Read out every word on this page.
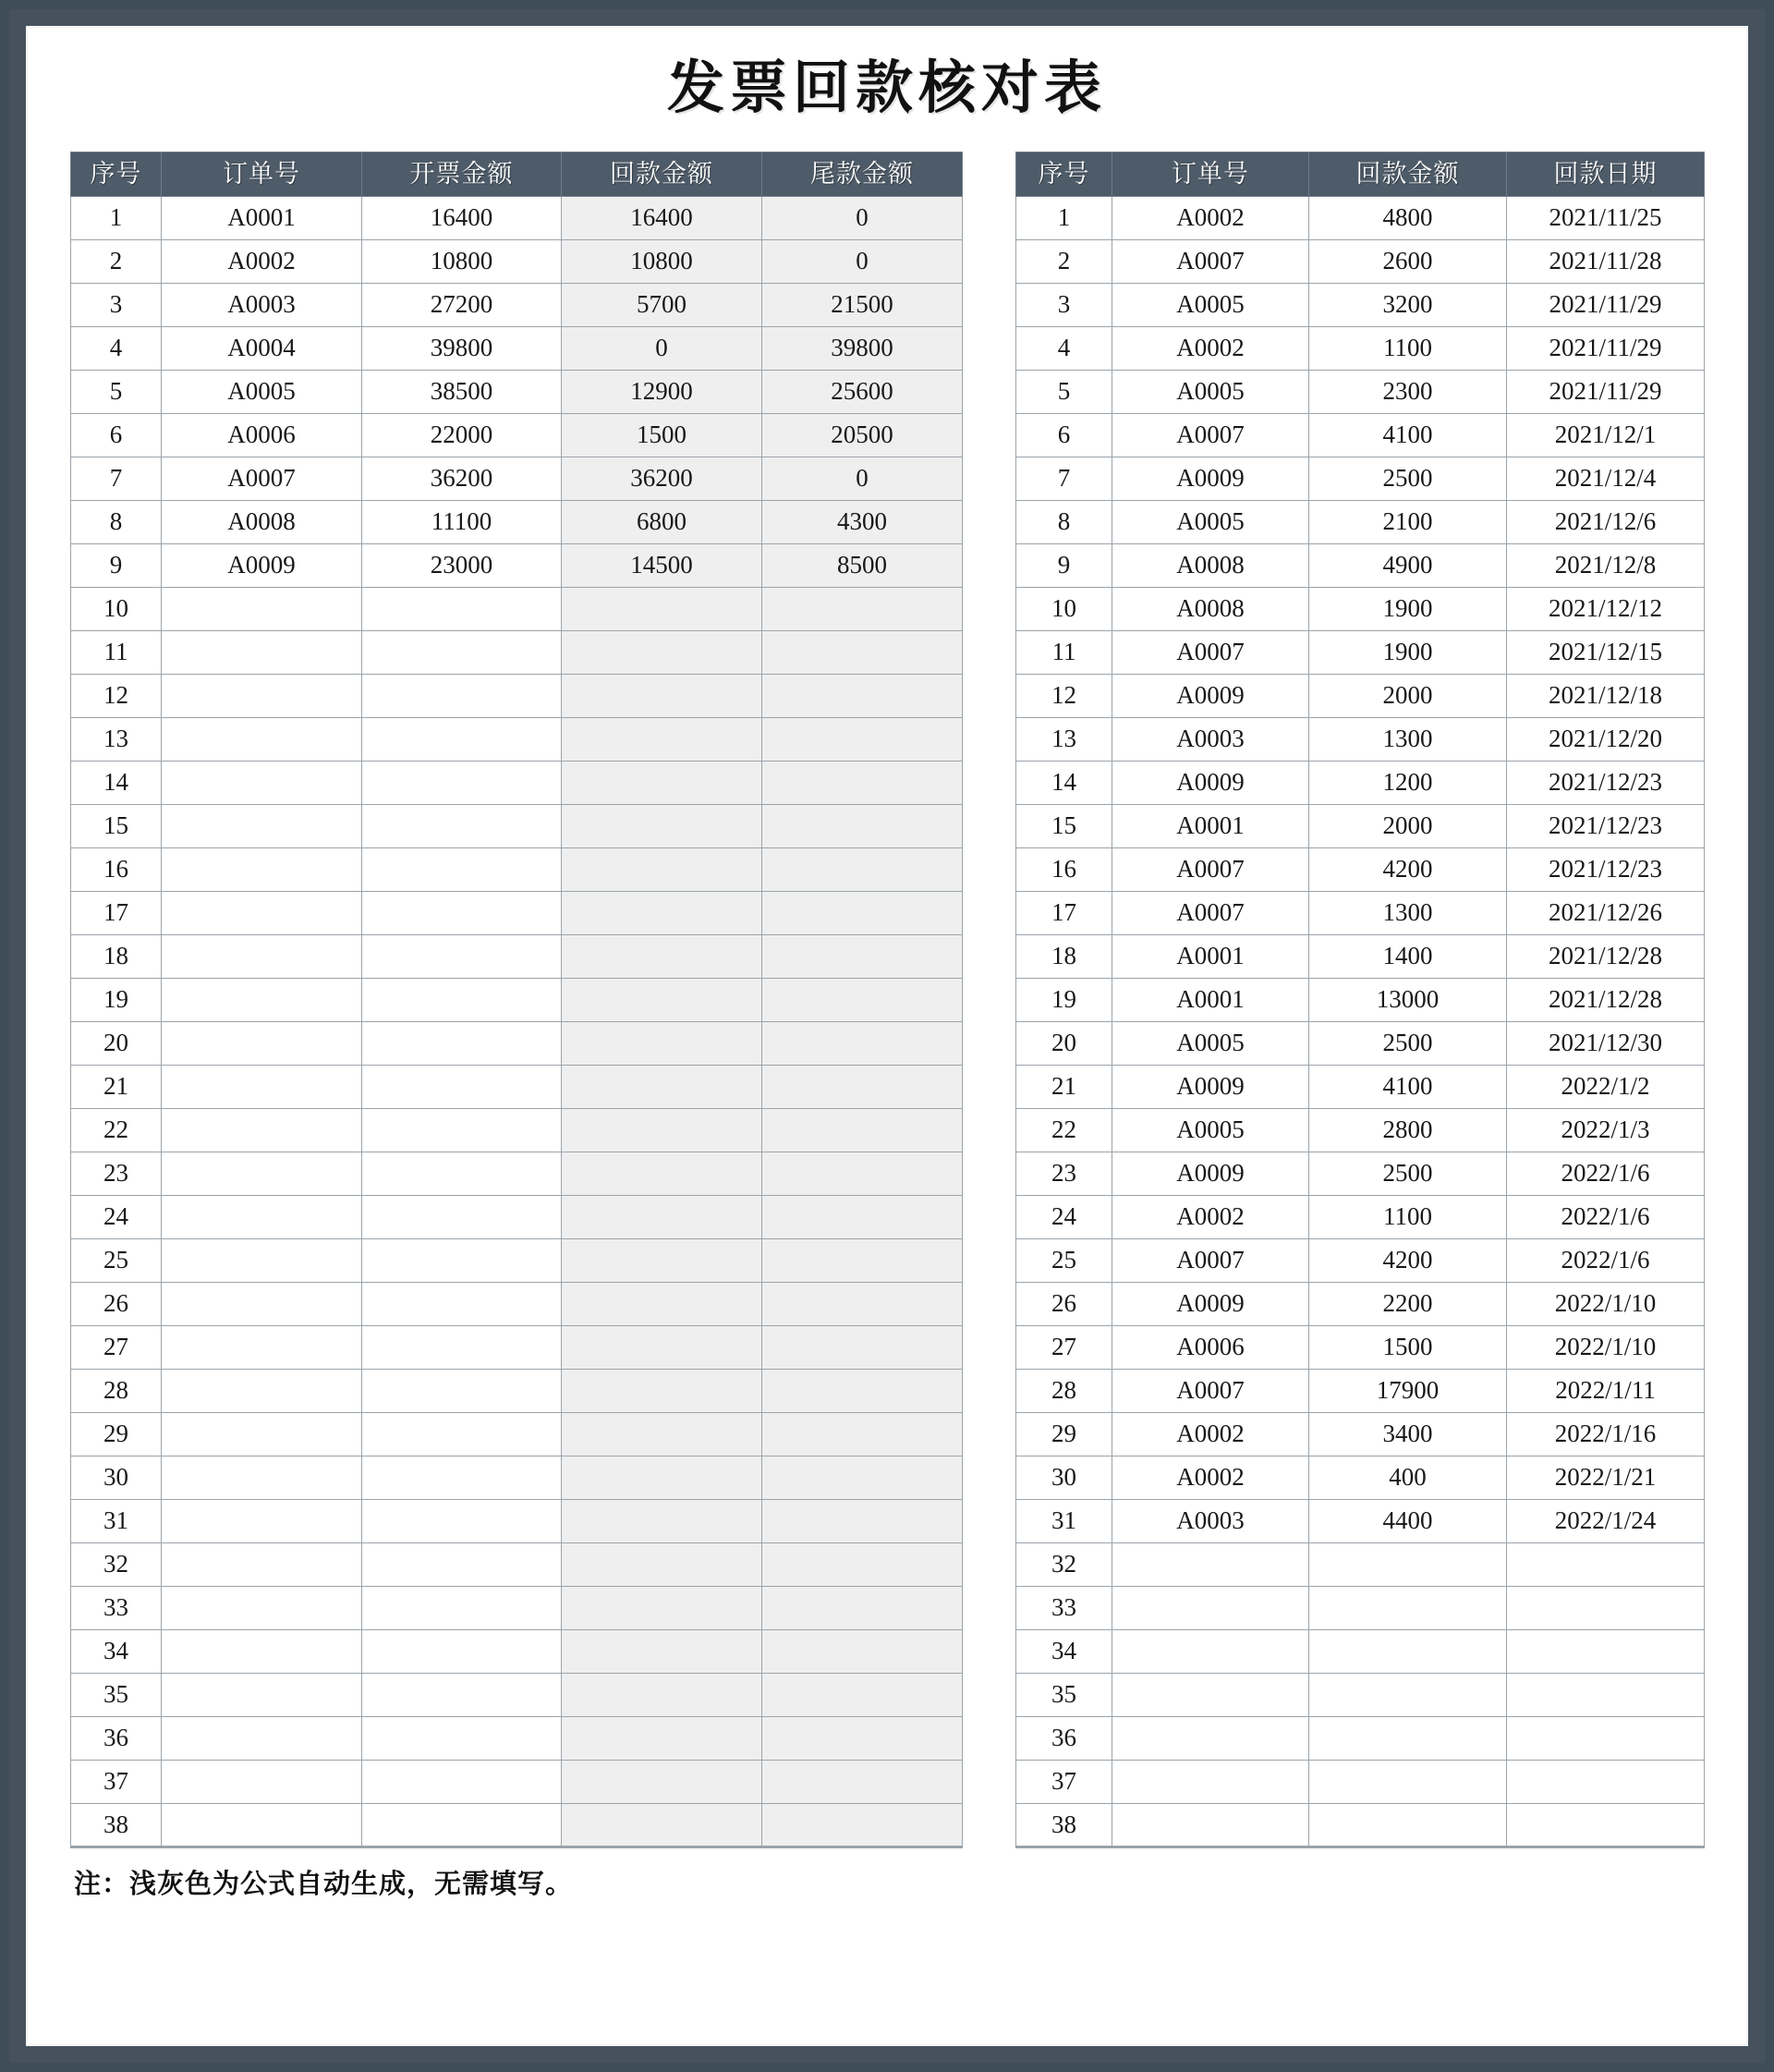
发票回款核对表
序号	订单号	开票金额	回款金额	尾款金额
1	A0001	16400	16400	0
2	A0002	10800	10800	0
3	A0003	27200	5700	21500
4	A0004	39800	0	39800
5	A0005	38500	12900	25600
6	A0006	22000	1500	20500
7	A0007	36200	36200	0
8	A0008	11100	6800	4300
9	A0009	23000	14500	8500
10				
11				
12				
13				
14				
15				
16				
17				
18				
19				
20				
21				
22				
23				
24				
25				
26				
27				
28				
29				
30				
31				
32				
33				
34				
35				
36				
37				
38				
序号	订单号	回款金额	回款日期
1	A0002	4800	2021/11/25
2	A0007	2600	2021/11/28
3	A0005	3200	2021/11/29
4	A0002	1100	2021/11/29
5	A0005	2300	2021/11/29
6	A0007	4100	2021/12/1
7	A0009	2500	2021/12/4
8	A0005	2100	2021/12/6
9	A0008	4900	2021/12/8
10	A0008	1900	2021/12/12
11	A0007	1900	2021/12/15
12	A0009	2000	2021/12/18
13	A0003	1300	2021/12/20
14	A0009	1200	2021/12/23
15	A0001	2000	2021/12/23
16	A0007	4200	2021/12/23
17	A0007	1300	2021/12/26
18	A0001	1400	2021/12/28
19	A0001	13000	2021/12/28
20	A0005	2500	2021/12/30
21	A0009	4100	2022/1/2
22	A0005	2800	2022/1/3
23	A0009	2500	2022/1/6
24	A0002	1100	2022/1/6
25	A0007	4200	2022/1/6
26	A0009	2200	2022/1/10
27	A0006	1500	2022/1/10
28	A0007	17900	2022/1/11
29	A0002	3400	2022/1/16
30	A0002	400	2022/1/21
31	A0003	4400	2022/1/24
32			
33			
34			
35			
36			
37			
38			
注：浅灰色为公式自动生成，无需填写。
